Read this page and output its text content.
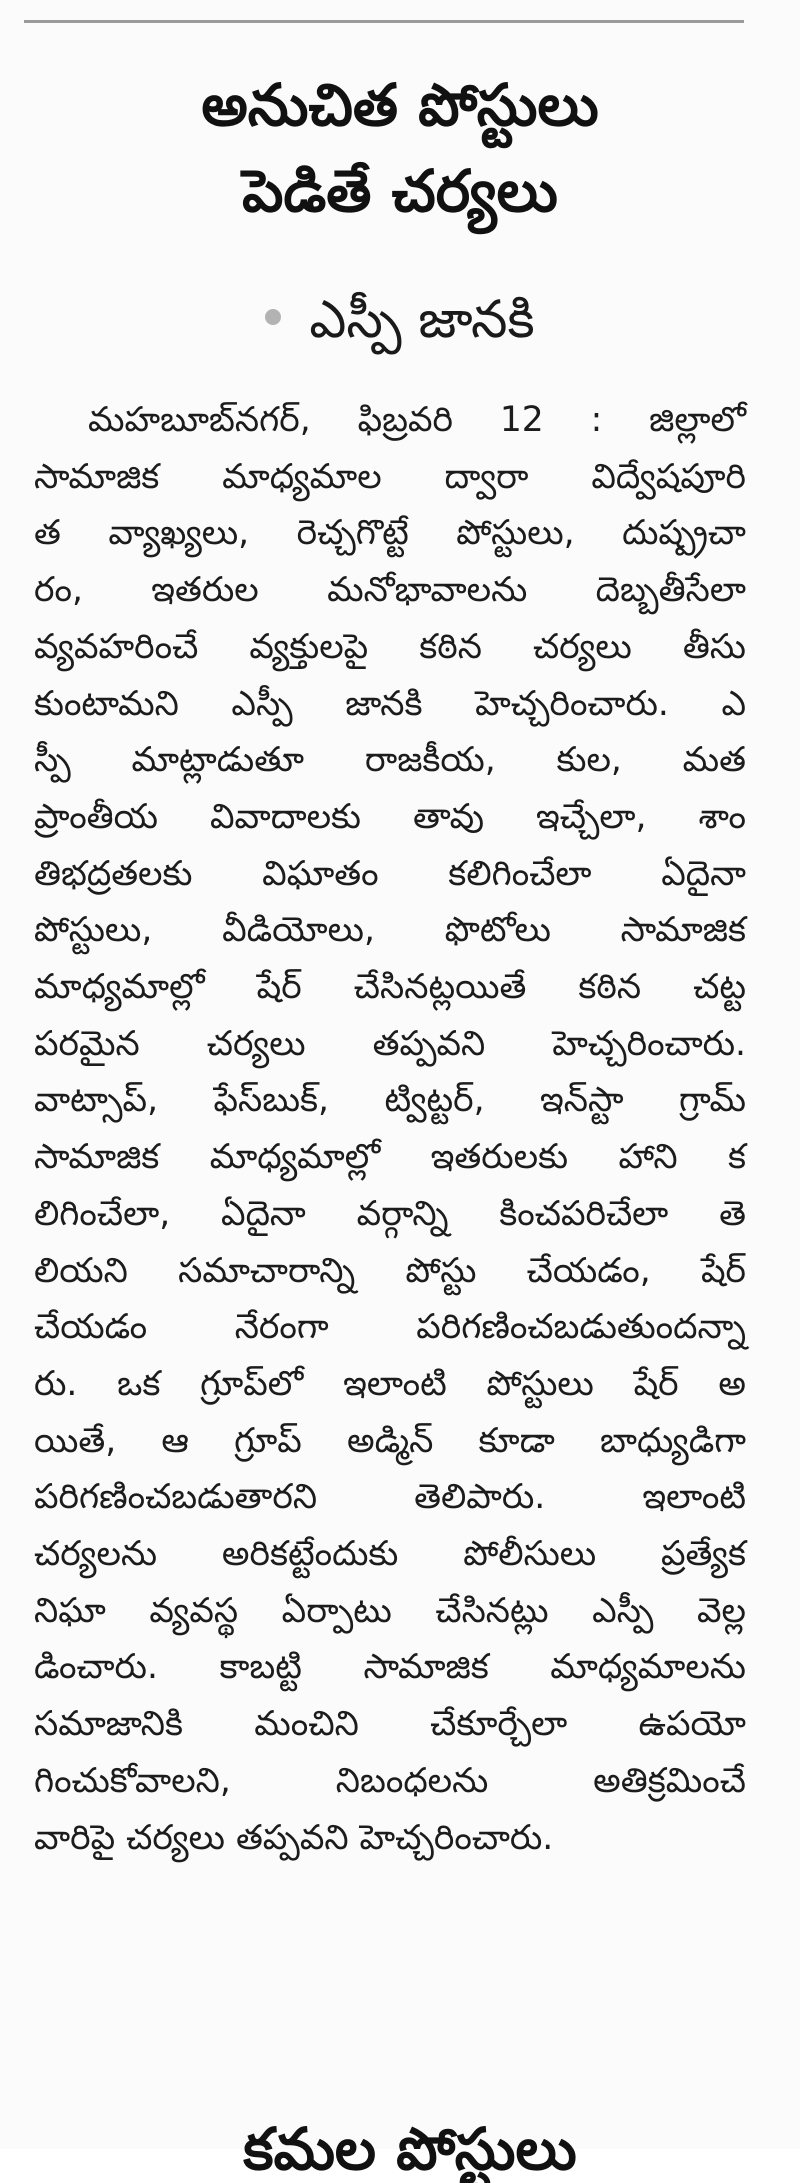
అనుచిత పోస్టులు
పెడితే చర్యలు
ఎస్పీ జానకి
మహబూబ్‌నగర్, ఫిబ్రవరి 12 : జిల్లాలో
సామాజిక మాధ్యమాల ద్వారా విద్వేషపూరి
త వ్యాఖ్యలు, రెచ్చగొట్టే పోస్టులు, దుష్ప్రచా
రం, ఇతరుల మనోభావాలను దెబ్బతీసేలా
వ్యవహరించే వ్యక్తులపై కఠిన చర్యలు తీసు
కుంటామని ఎస్పీ జానకి హెచ్చరించారు. ఎ
స్పీ మాట్లాడుతూ రాజకీయ, కుల, మత
ప్రాంతీయ వివాదాలకు తావు ఇచ్చేలా, శాం
తిభద్రతలకు విఘాతం కలిగించేలా ఏదైనా
పోస్టులు, వీడియోలు, ఫొటోలు సామాజిక
మాధ్యమాల్లో షేర్ చేసినట్లయితే కఠిన చట్ట
పరమైన చర్యలు తప్పవని హెచ్చరించారు.
వాట్సాప్, ఫేస్‌బుక్, ట్విట్టర్, ఇన్‌స్టా గ్రామ్
సామాజిక మాధ్యమాల్లో ఇతరులకు హాని క
లిగించేలా, ఏదైనా వర్గాన్ని కించపరిచేలా తె
లియని సమాచారాన్ని పోస్టు చేయడం, షేర్
చేయడం నేరంగా పరిగణించబడుతుందన్నా
రు. ఒక గ్రూప్‌లో ఇలాంటి పోస్టులు షేర్ అ
యితే, ఆ గ్రూప్ అడ్మిన్ కూడా బాధ్యుడిగా
పరిగణించబడుతారని తెలిపారు. ఇలాంటి
చర్యలను అరికట్టేందుకు పోలీసులు ప్రత్యేక
నిఘా వ్యవస్థ ఏర్పాటు చేసినట్లు ఎస్పీ వెల్ల
డించారు. కాబట్టి సామాజిక మాధ్యమాలను
సమాజానికి మంచిని చేకూర్చేలా ఉపయో
గించుకోవాలని, నిబంధలను అతిక్రమించే
వారిపై చర్యలు తప్పవని హెచ్చరించారు.
కమల పోస్టులు
